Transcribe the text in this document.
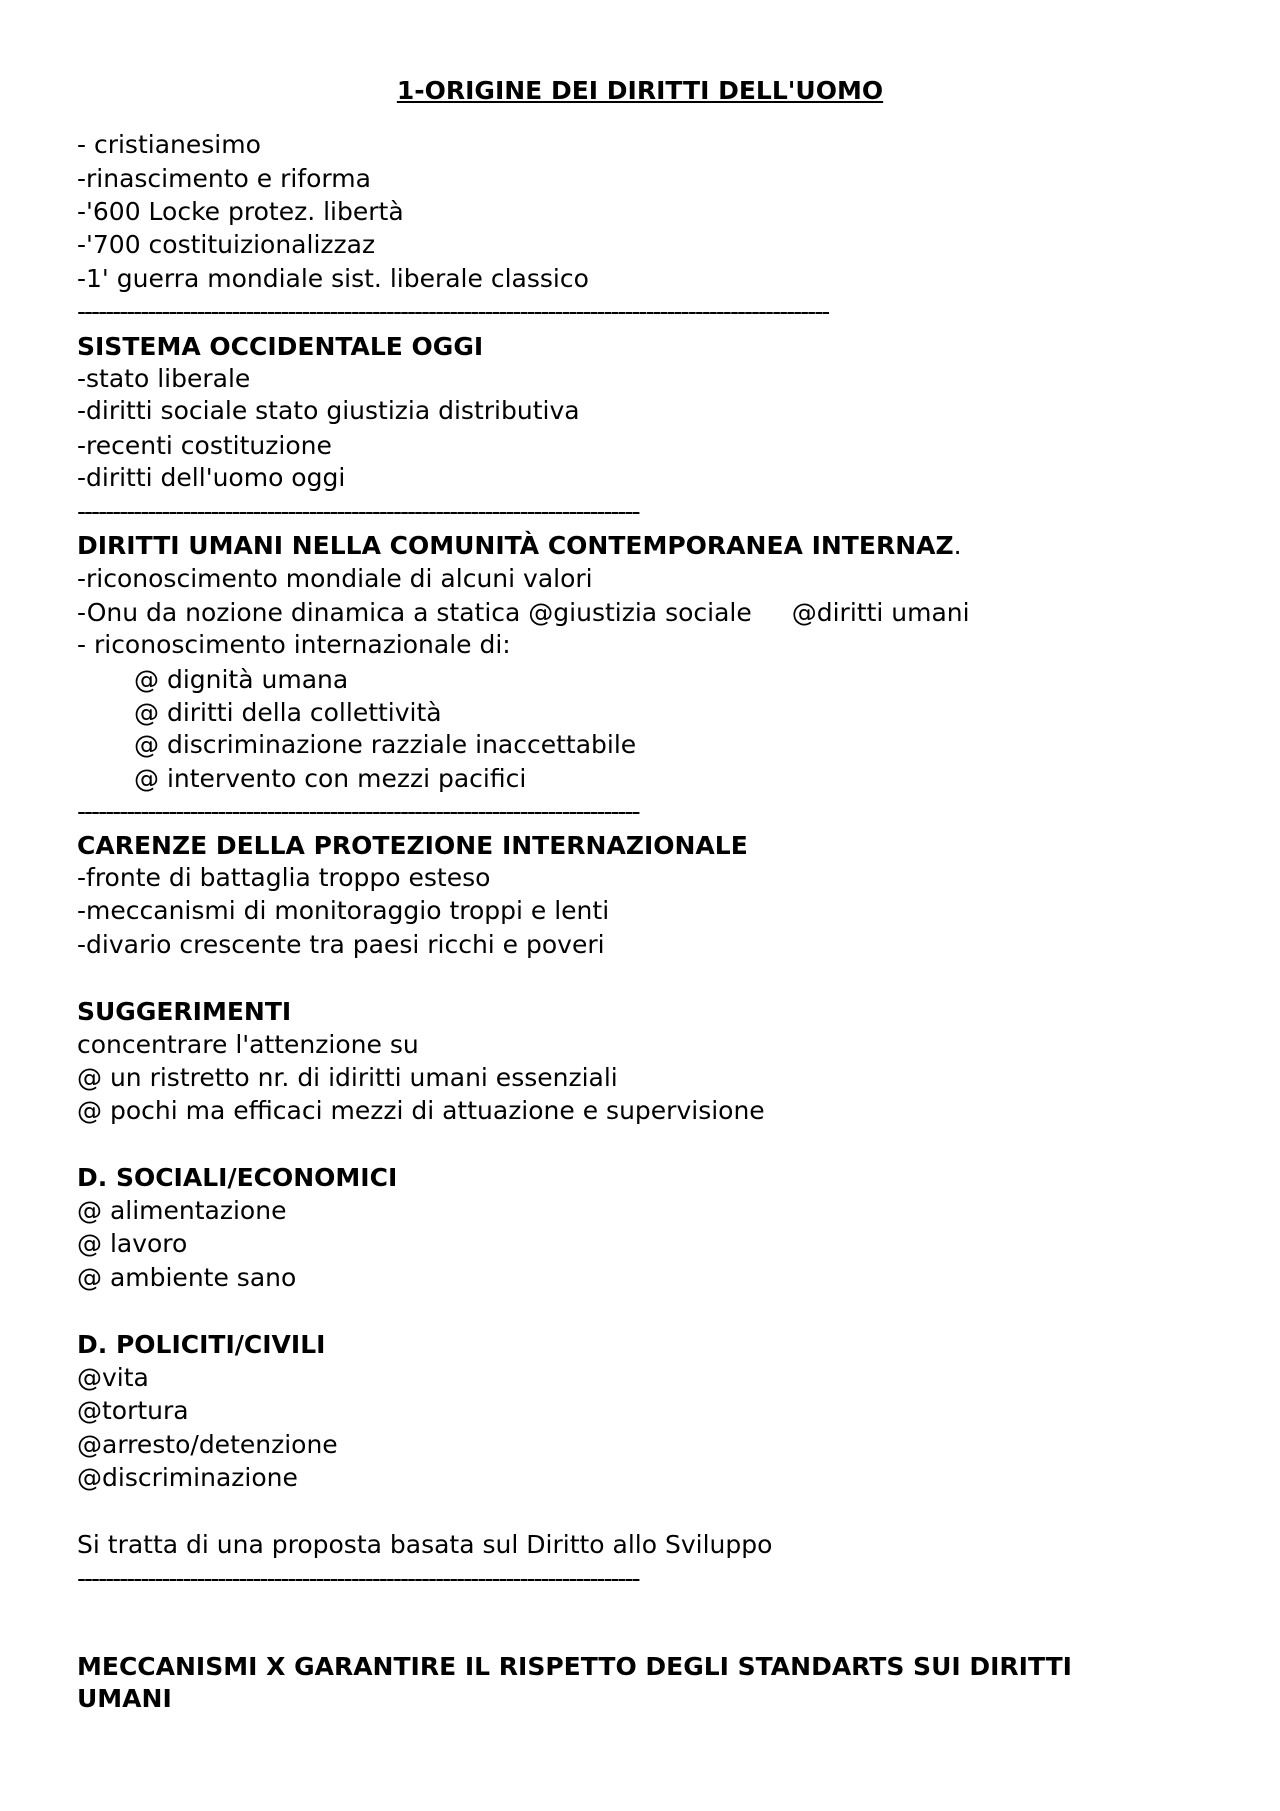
1-ORIGINE DEI DIRITTI DELL'UOMO
- cristianesimo
-rinascimento e riforma
-'600 Locke protez. libertà
-'700 costituizionalizzaz
-1' guerra mondiale sist. liberale classico
-----------------------------------------------------------------------------------------------------------
SISTEMA OCCIDENTALE OGGI
-stato liberale
-diritti sociale stato giustizia distributiva
-recenti costituzione
-diritti dell'uomo oggi
--------------------------------------------------------------------------------
DIRITTI UMANI NELLA COMUNITÀ CONTEMPORANEA INTERNAZ.
-riconoscimento mondiale di alcuni valori
-Onu da nozione dinamica a statica @giustizia sociale @diritti umani
- riconoscimento internazionale di:
@ dignità umana
@ diritti della collettività
@ discriminazione razziale inaccettabile
@ intervento con mezzi pacifici
--------------------------------------------------------------------------------
CARENZE DELLA PROTEZIONE INTERNAZIONALE
-fronte di battaglia troppo esteso
-meccanismi di monitoraggio troppi e lenti
-divario crescente tra paesi ricchi e poveri
SUGGERIMENTI
concentrare l'attenzione su
@ un ristretto nr. di idiritti umani essenziali
@ pochi ma efficaci mezzi di attuazione e supervisione
D. SOCIALI/ECONOMICI
@ alimentazione
@ lavoro
@ ambiente sano
D. POLICITI/CIVILI
@vita
@tortura
@arresto/detenzione
@discriminazione
Si tratta di una proposta basata sul Diritto allo Sviluppo
--------------------------------------------------------------------------------
MECCANISMI X GARANTIRE IL RISPETTO DEGLI STANDARTS SUI DIRITTI
UMANI
